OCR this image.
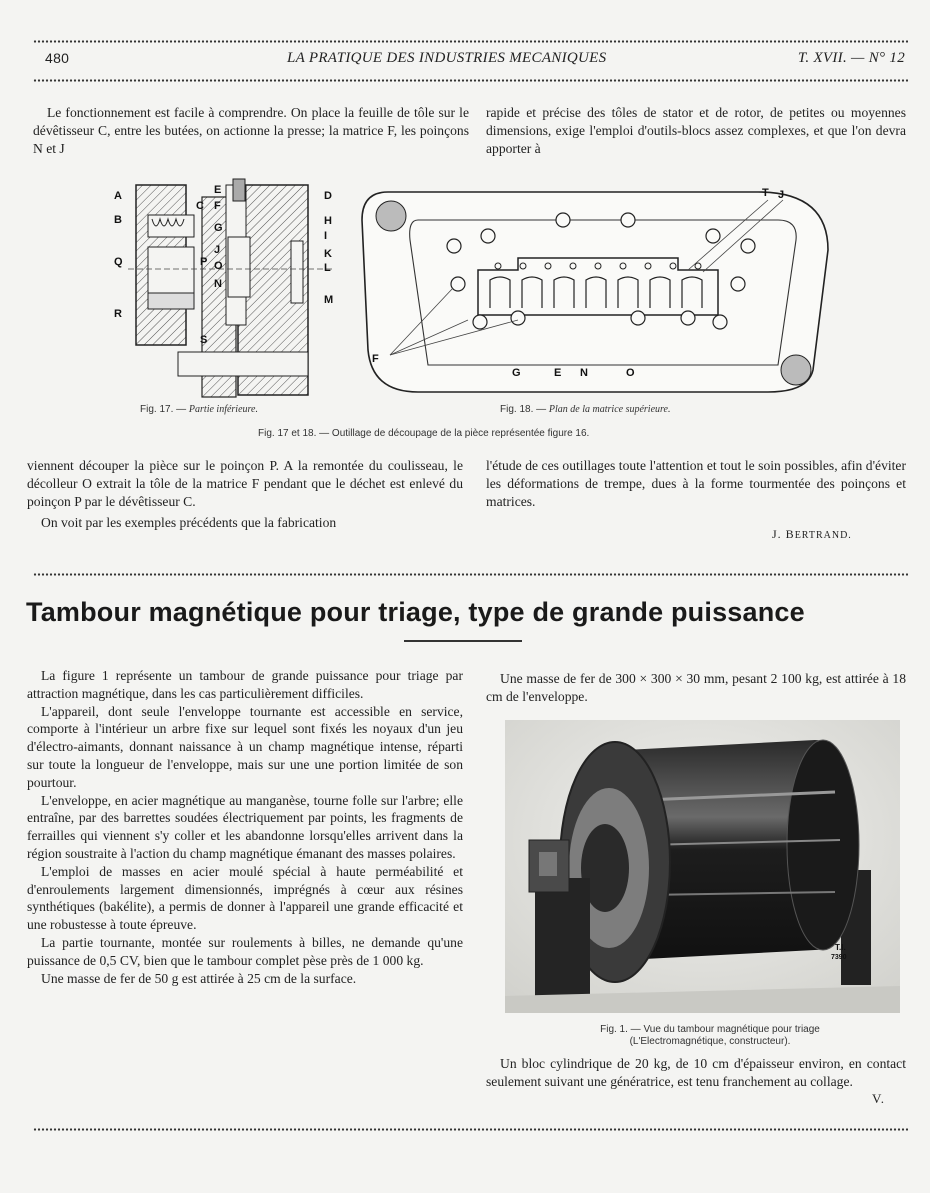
480	LA PRATIQUE DES INDUSTRIES MECANIQUES	T. XVII. — N° 12

Le fonctionnement est facile à comprendre. On place la feuille de tôle sur le dévêtisseur C, entre les butées, on actionne la presse; la matrice F, les poinçons N et J

rapide et précise des tôles de stator et de rotor, de petites ou moyennes dimensions, exige l'emploi d'outils-blocs assez complexes, et que l'on devra apporter à

A
B
Q
R
E
F
C
G
J
P O
N
S
D
H
I
K
L
M
T J
F
G	E N	O
Fig. 17. — Partie inférieure.	Fig. 18. — Plan de la matrice supérieure.
Fig. 17 et 18. — Outillage de découpage de la pièce représentée figure 16.

viennent découper la pièce sur le poinçon P. A la remontée du coulisseau, le décolleur O extrait la tôle de la matrice F pendant que le déchet est enlevé du poinçon P par le dévêtisseur C.

On voit par les exemples précédents que la fabrication

l'étude de ces outillages toute l'attention et tout le soin possibles, afin d'éviter les déformations de trempe, dues à la forme tourmentée des poinçons et matrices.

J. BERTRAND.
Tambour magnétique pour triage, type de grande puissance

La figure 1 représente un tambour de grande puissance pour triage par attraction magnétique, dans les cas particulièrement difficiles.

L'appareil, dont seule l'enveloppe tournante est accessible en service, comporte à l'intérieur un arbre fixe sur lequel sont fixés les noyaux d'un jeu d'électro-aimants, donnant naissance à un champ magnétique intense, réparti sur toute la longueur de l'enveloppe, mais sur une une portion limitée de son pourtour.

L'enveloppe, en acier magnétique au manganèse, tourne folle sur l'arbre; elle entraîne, par des barrettes soudées électriquement par points, les fragments de ferrailles qui viennent s'y coller et les abandonne lorsqu'elles arrivent dans la région soustraite à l'action du champ magnétique émanant des masses polaires.

L'emploi de masses en acier moulé spécial à haute perméabilité et d'enroulements largement dimensionnés, imprégnés à cœur aux résines synthétiques (bakélite), a permis de donner à l'appareil une grande efficacité et une robustesse à toute épreuve.

La partie tournante, montée sur roulements à billes, ne demande qu'une puissance de 0,5 CV, bien que le tambour complet pèse près de 1 000 kg.

Une masse de fer de 50 g est attirée à 25 cm de la surface.

Une masse de fer de 300 × 300 × 30 mm, pesant 2 100 kg, est attirée à 18 cm de l'enveloppe.

T.I.
7390
Fig. 1. — Vue du tambour magnétique pour triage
(L'Electromagnétique, constructeur).

Un bloc cylindrique de 20 kg, de 10 cm d'épaisseur environ, en contact seulement suivant une génératrice, est tenu franchement au collage.

V.
